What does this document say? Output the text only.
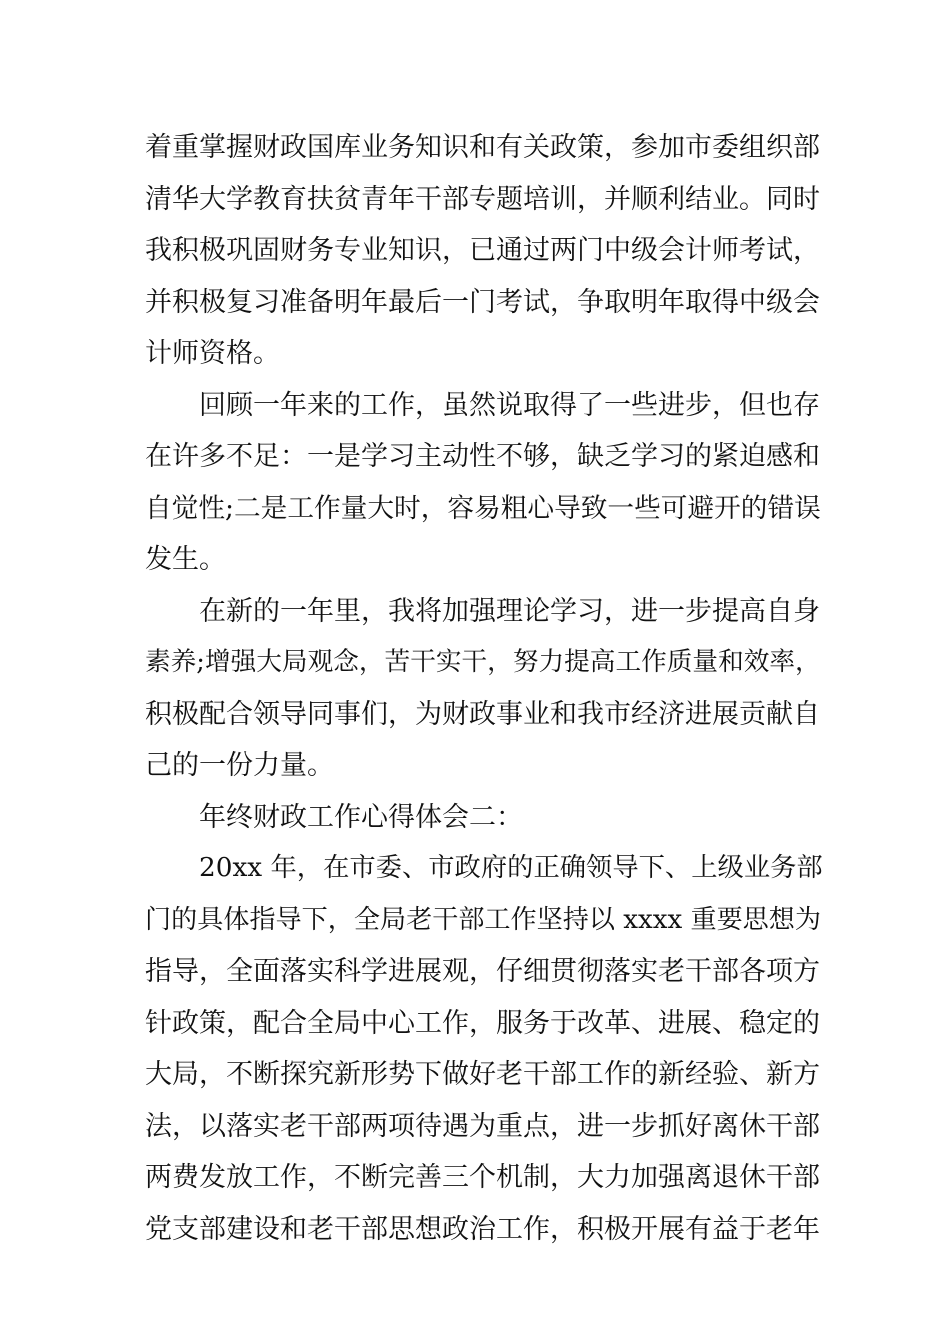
着重掌握财政国库业务知识和有关政策，参加市委组织部
清华大学教育扶贫青年干部专题培训，并顺利结业。同时
我积极巩固财务专业知识，已通过两门中级会计师考试，
并积极复习准备明年最后一门考试，争取明年取得中级会
计师资格。
回顾一年来的工作，虽然说取得了一些进步，但也存
在许多不足：一是学习主动性不够，缺乏学习的紧迫感和
自觉性;二是工作量大时，容易粗心导致一些可避开的错误
发生。
在新的一年里，我将加强理论学习，进一步提高自身
素养;增强大局观念，苦干实干，努力提高工作质量和效率，
积极配合领导同事们，为财政事业和我市经济进展贡献自
己的一份力量。
年终财政工作心得体会二：
20xx 年，在市委、市政府的正确领导下、上级业务部
门的具体指导下，全局老干部工作坚持以 xxxx 重要思想为
指导，全面落实科学进展观，仔细贯彻落实老干部各项方
针政策，配合全局中心工作，服务于改革、进展、稳定的
大局，不断探究新形势下做好老干部工作的新经验、新方
法，以落实老干部两项待遇为重点，进一步抓好离休干部
两费发放工作，不断完善三个机制，大力加强离退休干部
党支部建设和老干部思想政治工作，积极开展有益于老年
